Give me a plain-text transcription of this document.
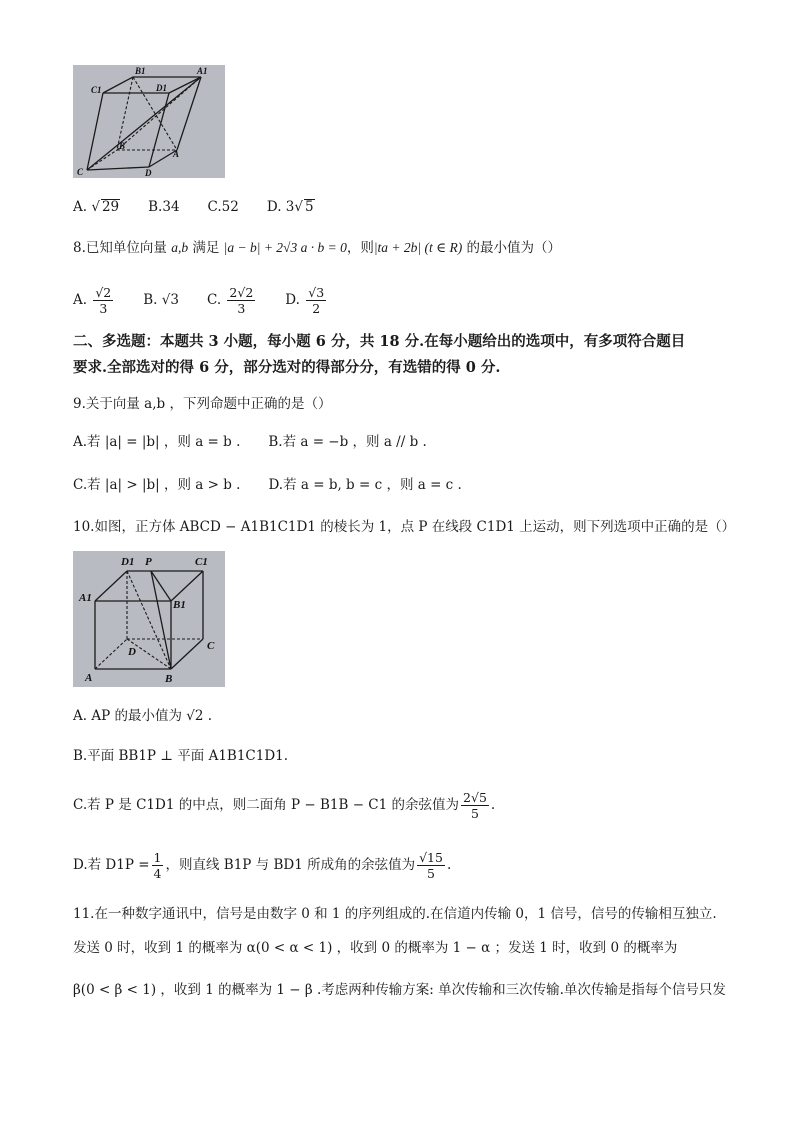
B1	A1
C1	D1
B
A
C	D
A. √ 29 B.34 C.52 D. 3√ 5
8.已知单位向量 a,b 满足 |a − b| + 2√3 a · b = 0，则|ta + 2b| (t ∈ R) 的最小值为（）
A. $\frac{√2}{3} B$. √3 C. $\frac{2√2}{3} D$. $\frac{√3}{2}$
二、多选题：本题共 3 小题，每小题 6 分，共 18 分.在每小题给出的选项中，有多项符合题目
要求.全部选对的得 6 分，部分选对的得部分分，有选错的得 0 分.
9.关于向量 a,b ，下列命题中正确的是（）
A.若 |a| = |b| ，则 a = b . B.若 a = −b ，则 a // b .
C.若 |a| > |b| ，则 a > b . D.若 a = b, b = c ，则 a = c .
10.如图，正方体 ABCD − A1B1C1D1 的棱长为 1，点 P 在线段 C1D1 上运动，则下列选项中正确的是（）
D1 P	C1
A1
B1
D	C
A	B
A. AP 的最小值为 √2 .
B.平面 BB1P ⊥ 平面 A1B1C1D1.
C.若 P 是 C1D1 的中点，则二面角 P − B1B − C1 的余弦值为 $\frac{2√5}{5}$ .
D.若 $D1P = \frac{1}{4}$ ，则直线 B1P 与 BD1 所成角的余弦值为 $\frac{√15}{5}$ .
11.在一种数字通讯中，信号是由数字 0 和 1 的序列组成的.在信道内传输 0，1 信号，信号的传输相互独立.
发送 0 时，收到 1 的概率为 α(0 < α < 1) ，收到 0 的概率为 1 − α ；发送 1 时，收到 0 的概率为
β(0 < β < 1) ，收到 1 的概率为 1 − β .考虑两种传输方案: 单次传输和三次传输.单次传输是指每个信号只发
